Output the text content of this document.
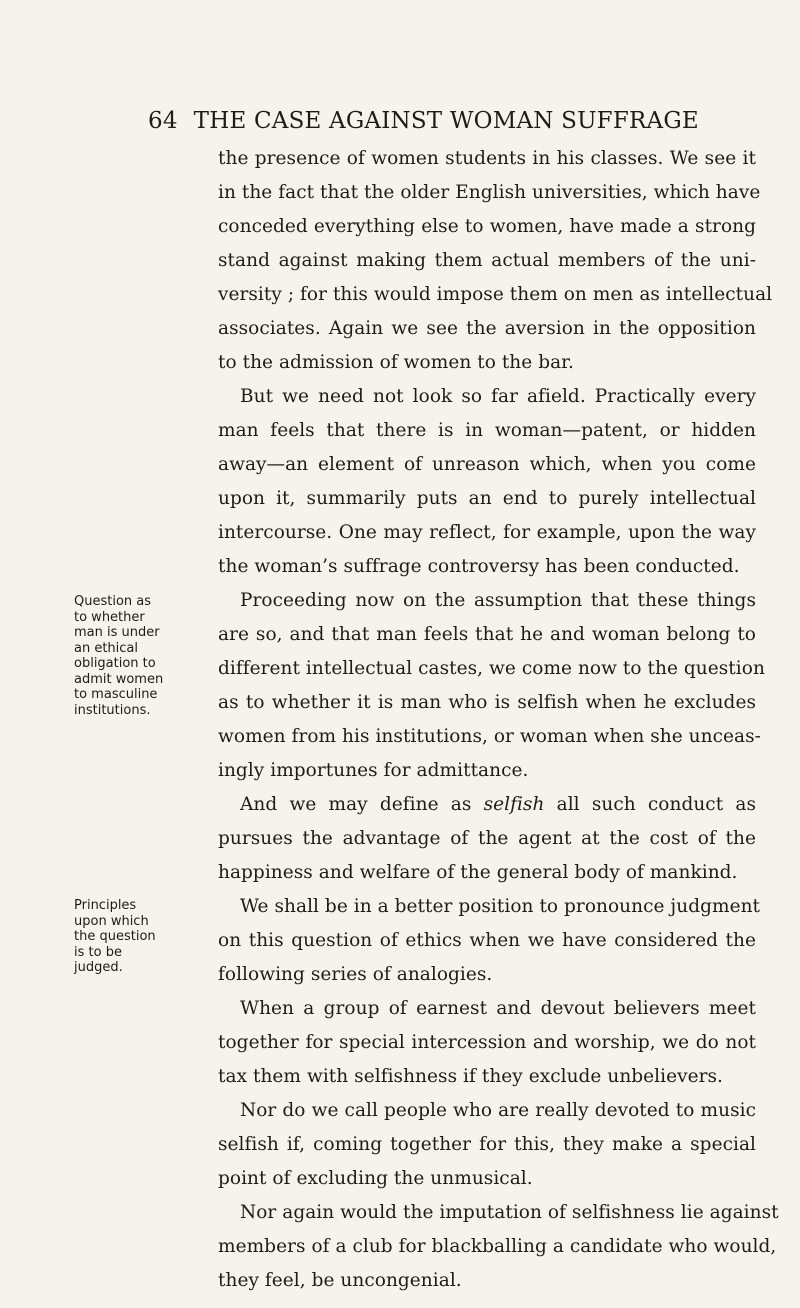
64 THE CASE AGAINST WOMAN SUFFRAGE
the presence of women students in his classes. We see it
in the fact that the older English universities, which have
conceded everything else to women, have made a strong
stand against making them actual members of the uni-
versity ; for this would impose them on men as intellectual
associates. Again we see the aversion in the opposition
to the admission of women to the bar.
But we need not look so far afield. Practically every
man feels that there is in woman—patent, or hidden
away—an element of unreason which, when you come
upon it, summarily puts an end to purely intellectual
intercourse. One may reflect, for example, upon the way
the woman’s suffrage controversy has been conducted.
Proceeding now on the assumption that these things
are so, and that man feels that he and woman belong to
different intellectual castes, we come now to the question
as to whether it is man who is selfish when he excludes
women from his institutions, or woman when she unceas-
ingly importunes for admittance.
And we may define as selfish all such conduct as
pursues the advantage of the agent at the cost of the
happiness and welfare of the general body of mankind.
We shall be in a better position to pronounce judgment
on this question of ethics when we have considered the
following series of analogies.
When a group of earnest and devout believers meet
together for special intercession and worship, we do not
tax them with selfishness if they exclude unbelievers.
Nor do we call people who are really devoted to music
selfish if, coming together for this, they make a special
point of excluding the unmusical.
Nor again would the imputation of selfishness lie against
members of a club for blackballing a candidate who would,
they feel, be uncongenial.
Question as
to whether
man is under
an ethical
obligation to
admit women
to masculine
institutions.
Principles
upon which
the question
is to be
judged.
